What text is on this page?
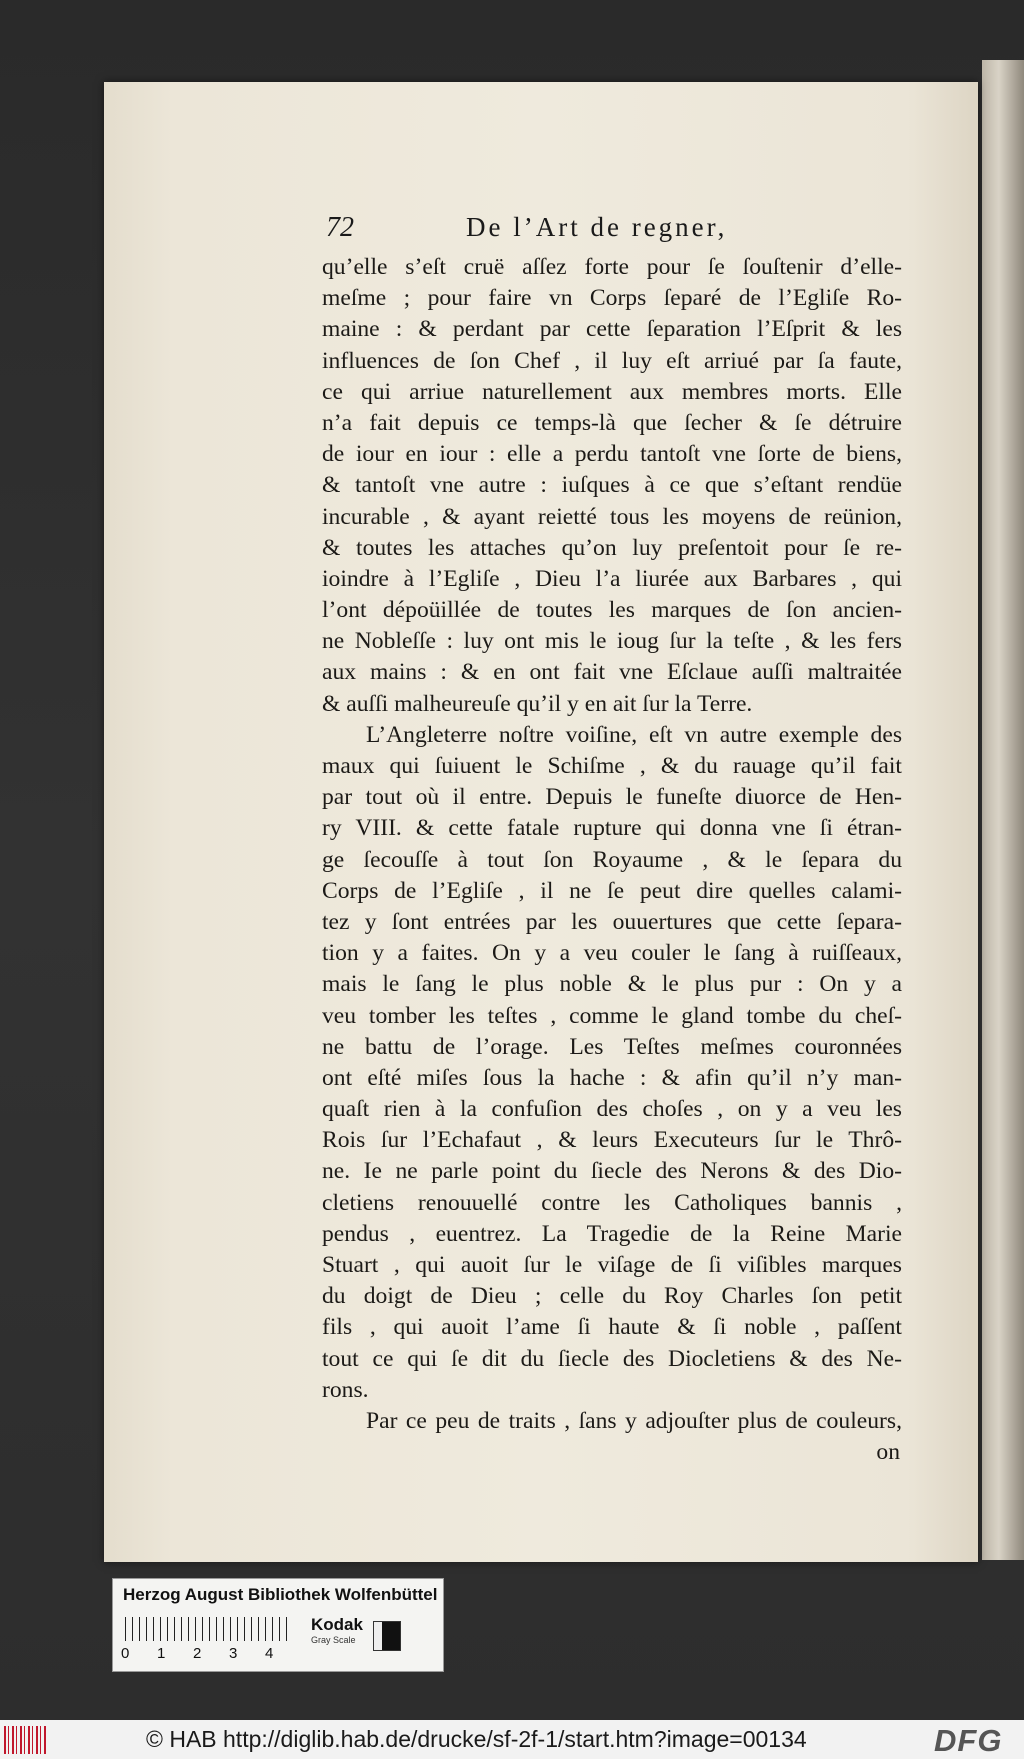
72	De l’Art de regner,
qu’elle s’eſt cruë aſſez forte pour ſe ſouſtenir d’elle-
meſme ; pour faire vn Corps ſeparé de l’Egliſe Ro-
maine : & perdant par cette ſeparation l’Eſprit & les
influences de ſon Chef , il luy eſt arriué par ſa faute,
ce qui arriue naturellement aux membres morts. Elle
n’a fait depuis ce temps-là que ſecher & ſe détruire
de iour en iour : elle a perdu tantoſt vne ſorte de biens,
& tantoſt vne autre : iuſques à ce que s’eſtant rendüe
incurable , & ayant reietté tous les moyens de reünion,
& toutes les attaches qu’on luy preſentoit pour ſe re-
ioindre à l’Egliſe , Dieu l’a liurée aux Barbares , qui
l’ont dépoüillée de toutes les marques de ſon ancien-
ne Nobleſſe : luy ont mis le ioug ſur la teſte , & les fers
aux mains : & en ont fait vne Eſclaue auſſi maltraitée
& auſſi malheureuſe qu’il y en ait ſur la Terre.
L’Angleterre noſtre voiſine, eſt vn autre exemple des
maux qui ſuiuent le Schiſme , & du rauage qu’il fait
par tout où il entre. Depuis le funeſte diuorce de Hen-
ry VIII. & cette fatale rupture qui donna vne ſi étran-
ge ſecouſſe à tout ſon Royaume , & le ſepara du
Corps de l’Egliſe , il ne ſe peut dire quelles calami-
tez y ſont entrées par les ouuertures que cette ſepara-
tion y a faites. On y a veu couler le ſang à ruiſſeaux,
mais le ſang le plus noble & le plus pur : On y a
veu tomber les teſtes , comme le gland tombe du cheſ-
ne battu de l’orage. Les Teſtes meſmes couronnées
ont eſté miſes ſous la hache : & afin qu’il n’y man-
quaſt rien à la confuſion des choſes , on y a veu les
Rois ſur l’Echafaut , & leurs Executeurs ſur le Thrô-
ne. Ie ne parle point du ſiecle des Nerons & des Dio-
cletiens renouuellé contre les Catholiques bannis ,
pendus , euentrez. La Tragedie de la Reine Marie
Stuart , qui auoit ſur le viſage de ſi viſibles marques
du doigt de Dieu ; celle du Roy Charles ſon petit
fils , qui auoit l’ame ſi haute & ſi noble , paſſent
tout ce qui ſe dit du ſiecle des Diocletiens & des Ne-
rons.
Par ce peu de traits , ſans y adjouſter plus de couleurs,
on
Herzog August Bibliothek Wolfenbüttel
0 1 2 3 4
Kodak
Gray Scale
© HAB http://diglib.hab.de/drucke/sf-2f-1/start.htm?image=00134	DFG
